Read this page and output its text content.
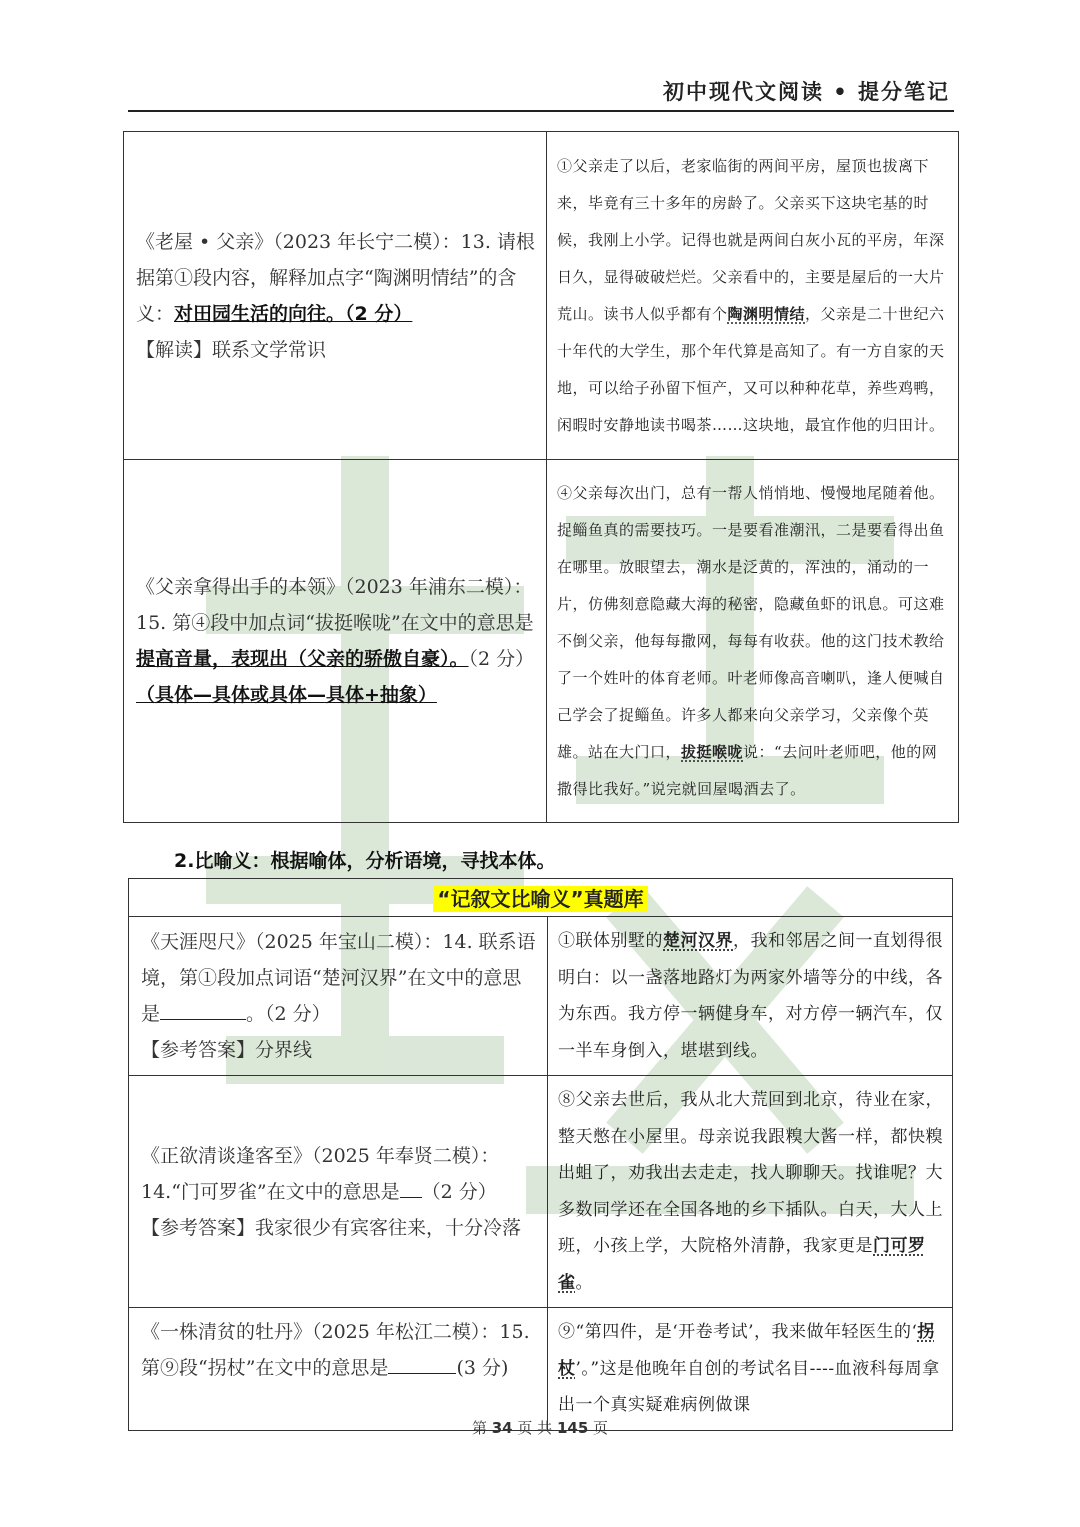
初中现代文阅读 • 提分笔记
《老屋 • 父亲》（2023 年长宁二模）：13. 请根据第①段内容，解释加点字“陶渊明情结”的含义：对田园生活的向往。（2 分）
【解读】联系文学常识	①父亲走了以后，老家临街的两间平房，屋顶也拔离下来，毕竟有三十多年的房龄了。父亲买下这块宅基的时候，我刚上小学。记得也就是两间白灰小瓦的平房，年深日久，显得破破烂烂。父亲看中的，主要是屋后的一大片荒山。读书人似乎都有个陶渊明情结，父亲是二十世纪六十年代的大学生，那个年代算是高知了。有一方自家的天地，可以给子孙留下恒产，又可以种种花草，养些鸡鸭，闲暇时安静地读书喝茶……这块地，最宜作他的归田计。
《父亲拿得出手的本领》（2023 年浦东二模）：15. 第④段中加点词“拔挺喉咙”在文中的意思是提高音量，表现出（父亲的骄傲自豪）。（2 分）
（具体—具体或具体—具体+抽象）	④父亲每次出门，总有一帮人悄悄地、慢慢地尾随着他。捉鲻鱼真的需要技巧。一是要看准潮汛，二是要看得出鱼在哪里。放眼望去，潮水是泛黄的，浑浊的，涌动的一片，仿佛刻意隐藏大海的秘密，隐藏鱼虾的讯息。可这难不倒父亲，他每每撒网，每每有收获。他的这门技术教给了一个姓叶的体育老师。叶老师像高音喇叭，逢人便喊自己学会了捉鲻鱼。许多人都来向父亲学习，父亲像个英雄。站在大门口，拔挺喉咙说：“去问叶老师吧，他的网撒得比我好。”说完就回屋喝酒去了。
2.比喻义：根据喻体，分析语境，寻找本体。
“记叙文比喻义”真题库	
《天涯咫尺》（2025 年宝山二模）：14. 联系语境，第①段加点词语“楚河汉界”在文中的意思是 。（2 分）
【参考答案】分界线	①联体别墅的楚河汉界，我和邻居之间一直划得很明白：以一盏落地路灯为两家外墙等分的中线，各为东西。我方停一辆健身车，对方停一辆汽车，仅一半车身倒入，堪堪到线。
《正欲清谈逢客至》（2025 年奉贤二模）：14.“门可罗雀”在文中的意思是 （2 分）
【参考答案】我家很少有宾客往来，十分冷落	⑧父亲去世后，我从北大荒回到北京，待业在家，整天憋在小屋里。母亲说我跟糗大酱一样，都快糗出蛆了，劝我出去走走，找人聊聊天。找谁呢？大多数同学还在全国各地的乡下插队。白天，大人上班，小孩上学，大院格外清静，我家更是门可罗雀。
《一株清贫的牡丹》（2025 年松江二模）：15. 第⑨段“拐杖”在文中的意思是 (3 分)	⑨“第四件，是‘开卷考试’，我来做年轻医生的‘拐杖’。”这是他晚年自创的考试名目----血液科每周拿出一个真实疑难病例做课
第 34 页 共 145 页
